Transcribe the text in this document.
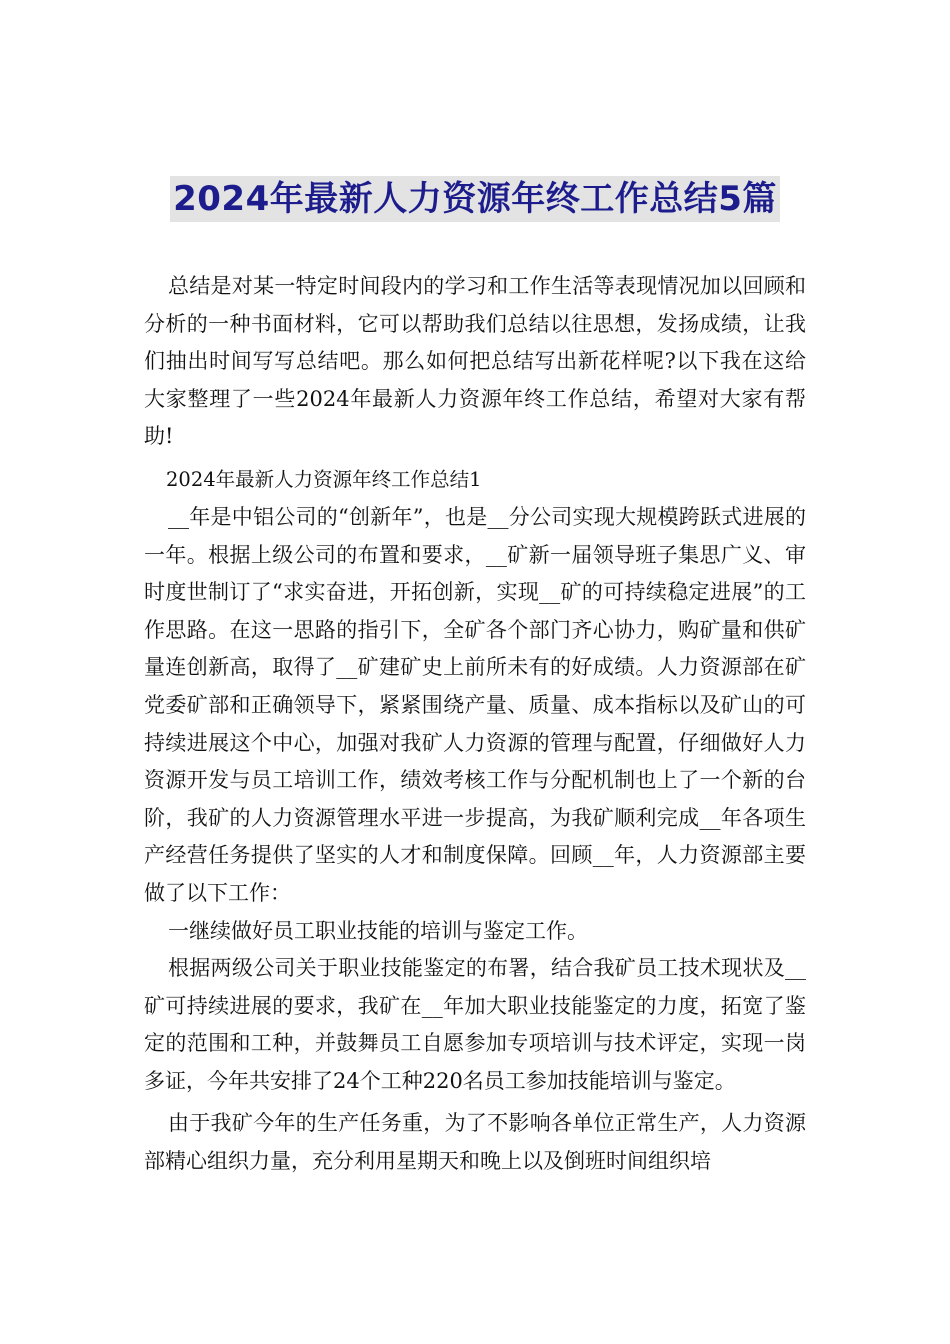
2024年最新人力资源年终工作总结5篇

总结是对某一特定时间段内的学习和工作生活等表现情况加以回顾和分析的一种书面材料，它可以帮助我们总结以往思想，发扬成绩，让我们抽出时间写写总结吧。那么如何把总结写出新花样呢?以下我在这给大家整理了一些2024年最新人力资源年终工作总结，希望对大家有帮助!

2024年最新人力资源年终工作总结1

__年是中铝公司的“创新年”，也是__分公司实现大规模跨跃式进展的一年。根据上级公司的布置和要求，__矿新一届领导班子集思广义、审时度世制订了“求实奋进，开拓创新，实现__矿的可持续稳定进展”的工作思路。在这一思路的指引下，全矿各个部门齐心协力，购矿量和供矿量连创新高，取得了__矿建矿史上前所未有的好成绩。人力资源部在矿党委矿部和正确领导下，紧紧围绕产量、质量、成本指标以及矿山的可持续进展这个中心，加强对我矿人力资源的管理与配置，仔细做好人力资源开发与员工培训工作，绩效考核工作与分配机制也上了一个新的台阶，我矿的人力资源管理水平进一步提高，为我矿顺利完成__年各项生产经营任务提供了坚实的人才和制度保障。回顾__年，人力资源部主要做了以下工作：

一继续做好员工职业技能的培训与鉴定工作。

根据两级公司关于职业技能鉴定的布署，结合我矿员工技术现状及__矿可持续进展的要求，我矿在__年加大职业技能鉴定的力度，拓宽了鉴定的范围和工种，并鼓舞员工自愿参加专项培训与技术评定，实现一岗多证，今年共安排了24个工种220名员工参加技能培训与鉴定。

由于我矿今年的生产任务重，为了不影响各单位正常生产，人力资源部精心组织力量，充分利用星期天和晚上以及倒班时间组织培
